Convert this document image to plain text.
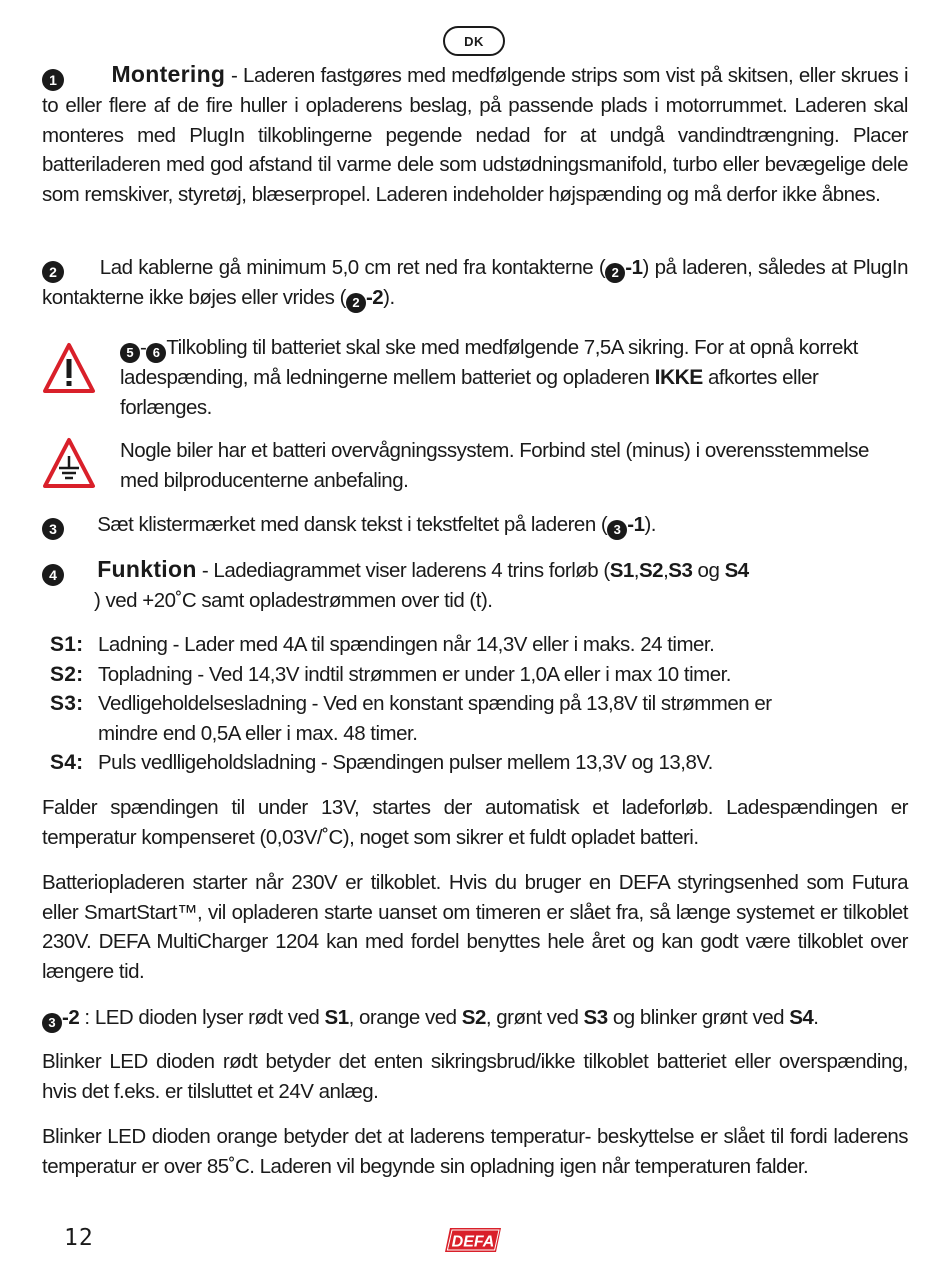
DK

1 Montering - Laderen fastgøres med medfølgende strips som vist på skitsen, eller skrues i to eller flere af de fire huller i opladerens beslag, på passende plads i motorrummet. Laderen skal monteres med PlugIn tilkoblingerne pegende nedad for at undgå vandindtrængning. Placer batteriladeren med god afstand til varme dele som udstødningsmanifold, turbo eller bevægelige dele som remskiver, styretøj, blæserpropel. Laderen indeholder højspænding og må derfor ikke åbnes.

2 Lad kablerne gå minimum 5,0 cm ret ned fra kontakterne ( 2 -1) på laderen, således at PlugIn kontakterne ikke bøjes eller vrides ( 2 -2).

5 - 6 Tilkobling til batteriet skal ske med medfølgende 7,5A sikring. For at opnå korrekt ladespænding, må ledningerne mellem batteriet og opladeren IKKE afkortes eller forlænges.

Nogle biler har et batteri overvågningssystem. Forbind stel (minus) i overensstemmelse med bilproducenterne anbefaling.

3 Sæt klistermærket med dansk tekst i tekstfeltet på laderen ( 3 -1).

4 Funktion - Ladediagrammet viser laderens 4 trins forløb (S1,S2,S3 og S4
) ved +20˚C samt opladestrømmen over tid (t).

S1: Ladning - Lader med 4A til spændingen når 14,3V eller i maks. 24 timer.
S2: Topladning - Ved 14,3V indtil strømmen er under 1,0A eller i max 10 timer.
S3: Vedligeholdelsesladning - Ved en konstant spænding på 13,8V til strømmen er
mindre end 0,5A eller i max. 48 timer.
S4: Puls vedlligeholdsladning - Spændingen pulser mellem 13,3V og 13,8V.

Falder spændingen til under 13V, startes der automatisk et ladeforløb. Ladespændingen er temperatur kompenseret (0,03V/˚C), noget som sikrer et fuldt opladet batteri.

Batteriopladeren starter når 230V er tilkoblet. Hvis du bruger en DEFA styringsenhed som Futura eller SmartStart™, vil opladeren starte uanset om timeren er slået fra, så længe systemet er tilkoblet 230V. DEFA MultiCharger 1204 kan med fordel benyttes hele året og kan godt være tilkoblet over længere tid.

3 -2 : LED dioden lyser rødt ved S1, orange ved S2, grønt ved S3 og blinker grønt ved S4.

Blinker LED dioden rødt betyder det enten sikringsbrud/ikke tilkoblet batteriet eller overspænding, hvis det f.eks. er tilsluttet et 24V anlæg.

Blinker LED dioden orange betyder det at laderens temperatur- beskyttelse er slået til fordi laderens temperatur er over 85˚C. Laderen vil begynde sin opladning igen når temperaturen falder.

12	DEFA
